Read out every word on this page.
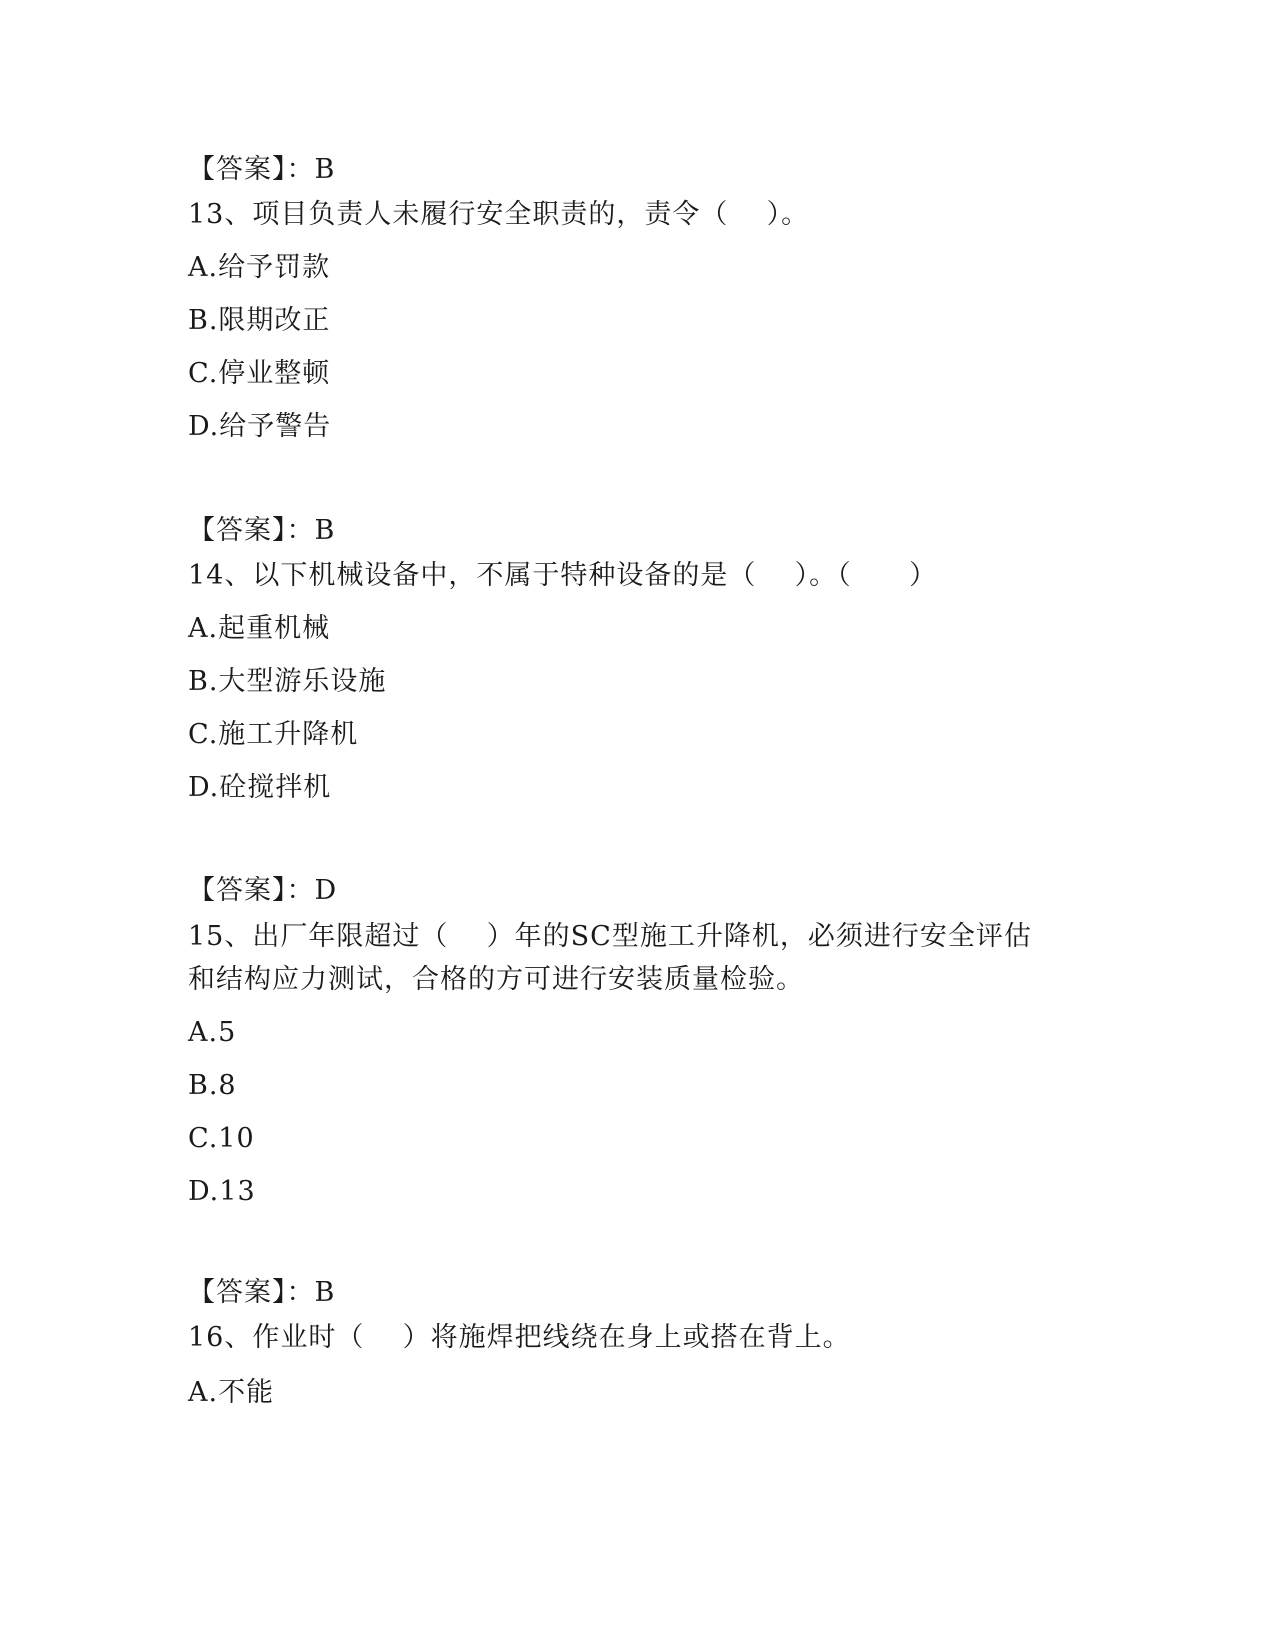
【答案】：B
13、项目负责人未履行安全职责的，责令（    ）。
A.给予罚款
B.限期改正
C.停业整顿
D.给予警告
【答案】：B
14、以下机械设备中，不属于特种设备的是（    ）。（      ）
A.起重机械
B.大型游乐设施
C.施工升降机
D.砼搅拌机
【答案】：D
15、出厂年限超过（    ）年的SC型施工升降机，必须进行安全评估
和结构应力测试，合格的方可进行安装质量检验。
A.5
B.8
C.10
D.13
【答案】：B
16、作业时（    ）将施焊把线绕在身上或搭在背上。
A.不能
